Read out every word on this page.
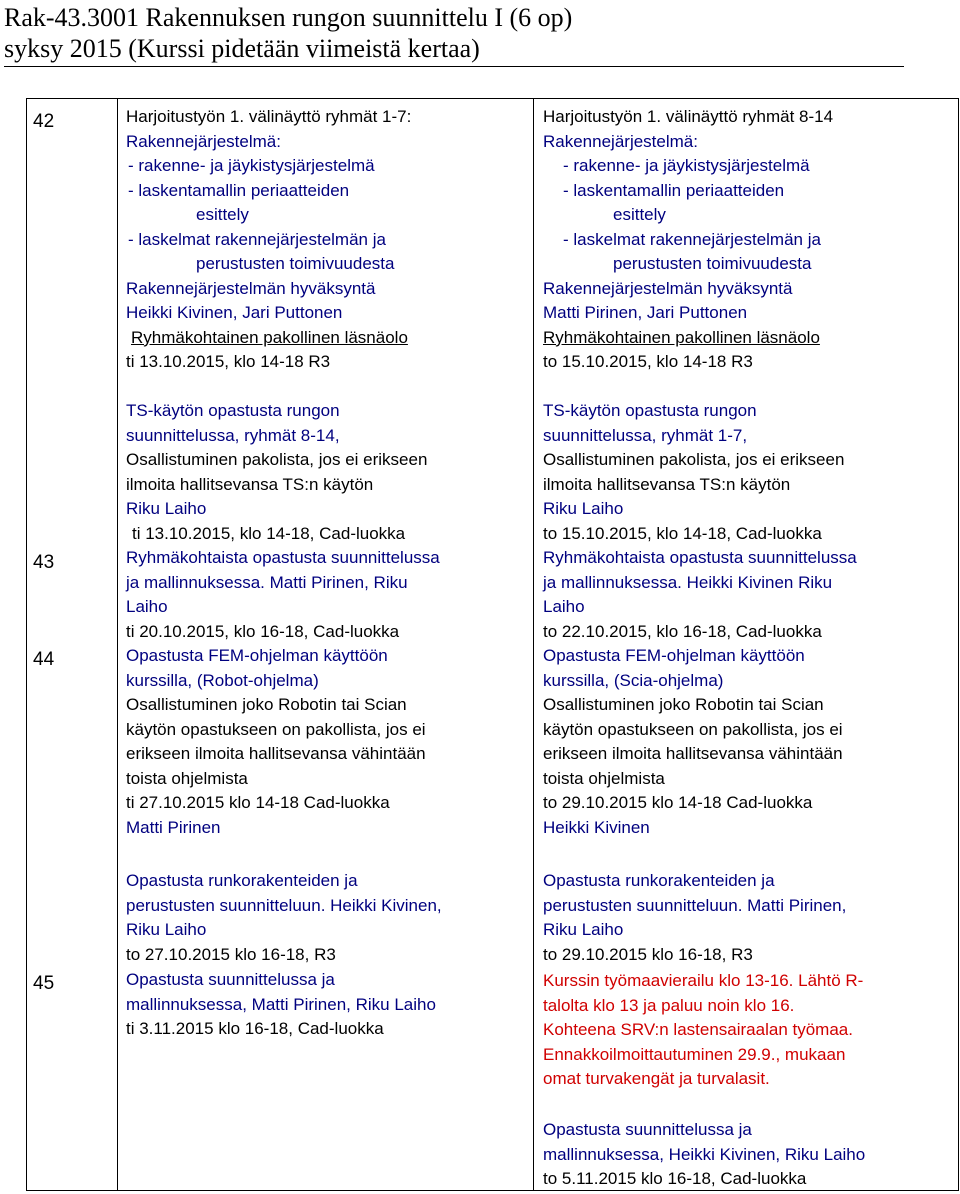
Rak-43.3001 Rakennuksen rungon suunnittelu I (6 op)
syksy 2015 (Kurssi pidetään viimeistä kertaa)
42
43
44
45
Harjoitustyön 1. välinäyttö ryhmät 1-7:
Rakennejärjestelmä:
- rakenne- ja jäykistysjärjestelmä
- laskentamallin periaatteiden
esittely
- laskelmat rakennejärjestelmän ja
perustusten toimivuudesta
Rakennejärjestelmän hyväksyntä
Heikki Kivinen, Jari Puttonen
Ryhmäkohtainen pakollinen läsnäolo
ti 13.10.2015, klo 14-18 R3
TS-käytön opastusta rungon
suunnittelussa, ryhmät 8-14,
Osallistuminen pakolista, jos ei erikseen
ilmoita hallitsevansa TS:n käytön
Riku Laiho
ti 13.10.2015, klo 14-18, Cad-luokka
Ryhmäkohtaista opastusta suunnittelussa
ja mallinnuksessa. Matti Pirinen, Riku
Laiho
ti 20.10.2015, klo 16-18, Cad-luokka
Opastusta FEM-ohjelman käyttöön
kurssilla, (Robot-ohjelma)
Osallistuminen joko Robotin tai Scian
käytön opastukseen on pakollista, jos ei
erikseen ilmoita hallitsevansa vähintään
toista ohjelmista
ti 27.10.2015 klo 14-18 Cad-luokka
Matti Pirinen
Opastusta runkorakenteiden ja
perustusten suunnitteluun. Heikki Kivinen,
Riku Laiho
to 27.10.2015 klo 16-18, R3
Opastusta suunnittelussa ja
mallinnuksessa, Matti Pirinen, Riku Laiho
ti 3.11.2015 klo 16-18, Cad-luokka
Harjoitustyön 1. välinäyttö ryhmät 8-14
Rakennejärjestelmä:
- rakenne- ja jäykistysjärjestelmä
- laskentamallin periaatteiden
esittely
- laskelmat rakennejärjestelmän ja
perustusten toimivuudesta
Rakennejärjestelmän hyväksyntä
Matti Pirinen, Jari Puttonen
Ryhmäkohtainen pakollinen läsnäolo
to 15.10.2015, klo 14-18 R3
TS-käytön opastusta rungon
suunnittelussa, ryhmät 1-7,
Osallistuminen pakolista, jos ei erikseen
ilmoita hallitsevansa TS:n käytön
Riku Laiho
to 15.10.2015, klo 14-18, Cad-luokka
Ryhmäkohtaista opastusta suunnittelussa
ja mallinnuksessa. Heikki Kivinen Riku
Laiho
to 22.10.2015, klo 16-18, Cad-luokka
Opastusta FEM-ohjelman käyttöön
kurssilla, (Scia-ohjelma)
Osallistuminen joko Robotin tai Scian
käytön opastukseen on pakollista, jos ei
erikseen ilmoita hallitsevansa vähintään
toista ohjelmista
to 29.10.2015 klo 14-18 Cad-luokka
Heikki Kivinen
Opastusta runkorakenteiden ja
perustusten suunnitteluun. Matti Pirinen,
Riku Laiho
to 29.10.2015 klo 16-18, R3
Kurssin työmaavierailu klo 13-16. Lähtö R-
talolta klo 13 ja paluu noin klo 16.
Kohteena SRV:n lastensairaalan työmaa.
Ennakkoilmoittautuminen 29.9., mukaan
omat turvakengät ja turvalasit.
Opastusta suunnittelussa ja
mallinnuksessa, Heikki Kivinen, Riku Laiho
to 5.11.2015 klo 16-18, Cad-luokka
